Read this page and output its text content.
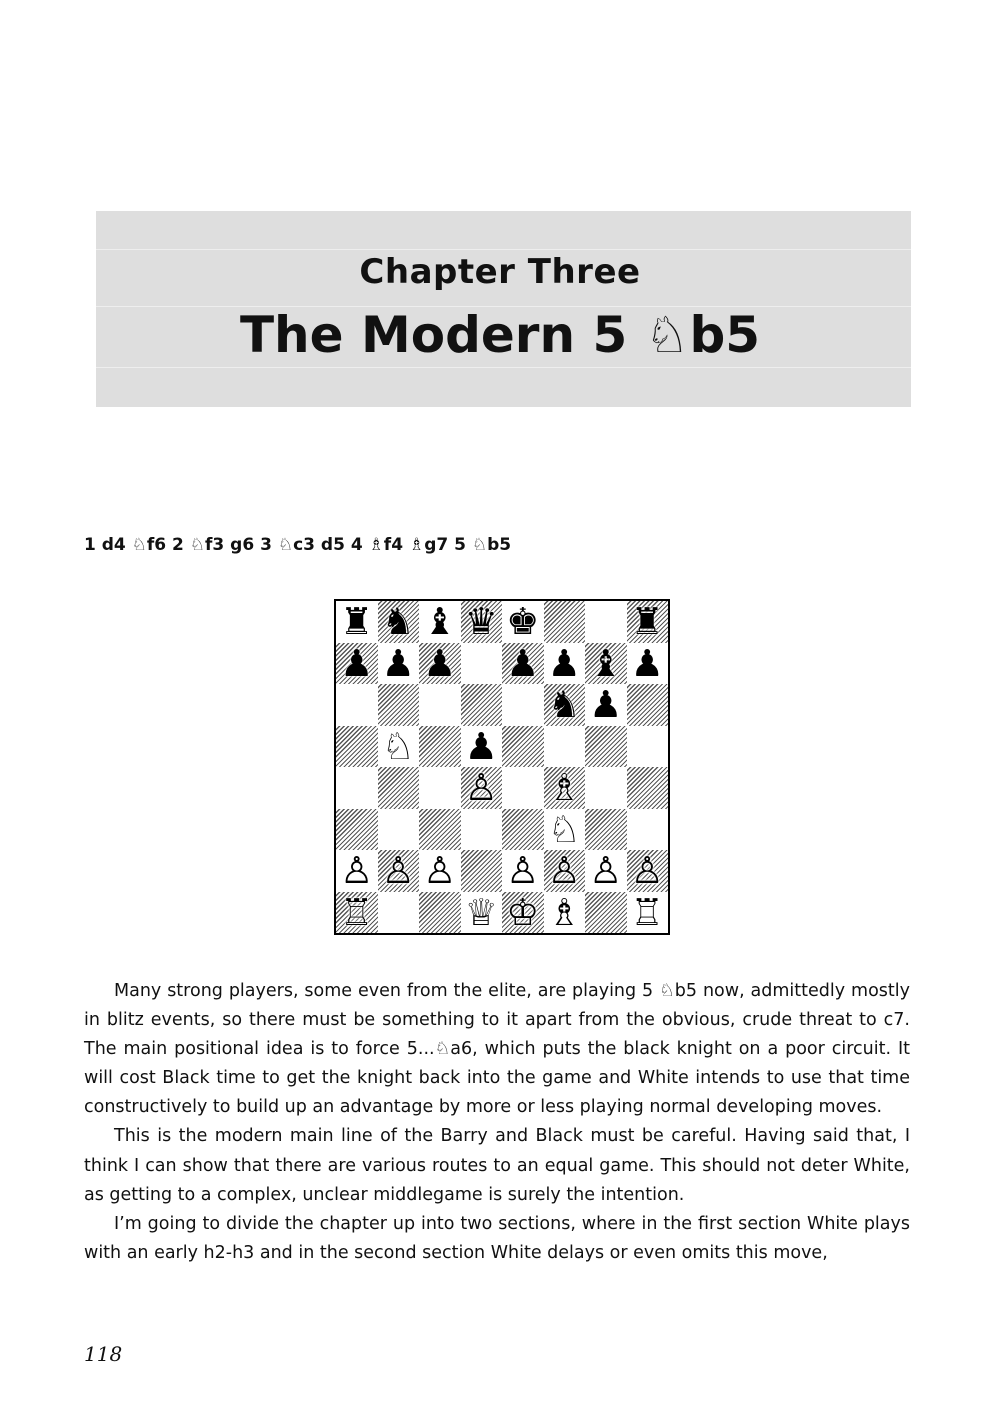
Chapter Three
The Modern 5 ♘b5
1 d4 ♘f6 2 ♘f3 g6 3 ♘c3 d5 4 ♗f4 ♗g7 5 ♘b5
♜ ♞ ♝ ♛ ♚ ♜
♟ ♟ ♟ ♟ ♟ ♝ ♟
♞ ♟
♘ ♟
♙ ♗
♘
♙ ♙ ♙ ♙ ♙ ♙ ♙
♖ ♕ ♔ ♗ ♖

Many strong players, some even from the elite, are playing 5 ♘b5 now, admittedly mostly in blitz events, so there must be something to it apart from the obvious, crude threat to c7. The main positional idea is to force 5...♘a6, which puts the black knight on a poor circuit. It will cost Black time to get the knight back into the game and White intends to use that time constructively to build up an advantage by more or less playing normal developing moves.

This is the modern main line of the Barry and Black must be careful. Having said that, I think I can show that there are various routes to an equal game. This should not deter White, as getting to a complex, unclear middlegame is surely the intention.

I’m going to divide the chapter up into two sections, where in the first section White plays with an early h2-h3 and in the second section White delays or even omits this move,

118
